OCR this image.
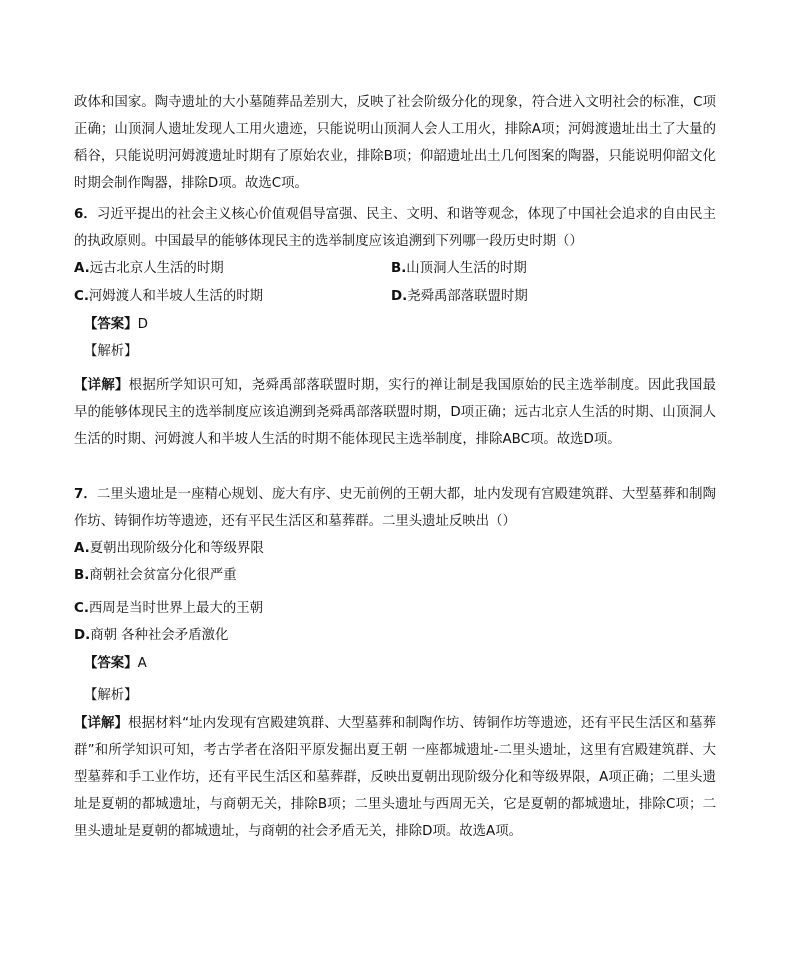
政体和国家。陶寺遗址的大小墓随葬品差别大，反映了社会阶级分化的现象，符合进入文明社会的标准，C项正确；山顶洞人遗址发现人工用火遗迹，只能说明山顶洞人会人工用火，排除A项；河姆渡遗址出土了大量的稻谷，只能说明河姆渡遗址时期有了原始农业，排除B项；仰韶遗址出土几何图案的陶器，只能说明仰韶文化时期会制作陶器，排除D项。故选C项。

6．习近平提出的社会主义核心价值观倡导富强、民主、文明、和谐等观念，体现了中国社会追求的自由民主的执政原则。中国最早的能够体现民主的选举制度应该追溯到下列哪一段历史时期（）

A.远古北京人生活的时期	B.山顶洞人生活的时期

C.河姆渡人和半坡人生活的时期	D.尧舜禹部落联盟时期

【答案】D

【解析】

【详解】根据所学知识可知，尧舜禹部落联盟时期，实行的禅让制是我国原始的民主选举制度。因此我国最早的能够体现民主的选举制度应该追溯到尧舜禹部落联盟时期，D项正确；远古北京人生活的时期、山顶洞人生活的时期、河姆渡人和半坡人生活的时期不能体现民主选举制度，排除ABC项。故选D项。

7．二里头遗址是一座精心规划、庞大有序、史无前例的王朝大都，址内发现有宫殿建筑群、大型墓葬和制陶作坊、铸铜作坊等遗迹，还有平民生活区和墓葬群。二里头遗址反映出（）

A.夏朝出现阶级分化和等级界限

B.商朝社会贫富分化很严重

C.西周是当时世界上最大的王朝

D.商朝 各种社会矛盾激化

【答案】A

【解析】

【详解】根据材料“址内发现有宫殿建筑群、大型墓葬和制陶作坊、铸铜作坊等遗迹，还有平民生活区和墓葬群”和所学知识可知，考古学者在洛阳平原发掘出夏王朝 一座都城遗址-二里头遗址，这里有宫殿建筑群、大型墓葬和手工业作坊，还有平民生活区和墓葬群，反映出夏朝出现阶级分化和等级界限，A项正确；二里头遗址是夏朝的都城遗址，与商朝无关，排除B项；二里头遗址与西周无关，它是夏朝的都城遗址，排除C项；二里头遗址是夏朝的都城遗址，与商朝的社会矛盾无关，排除D项。故选A项。
